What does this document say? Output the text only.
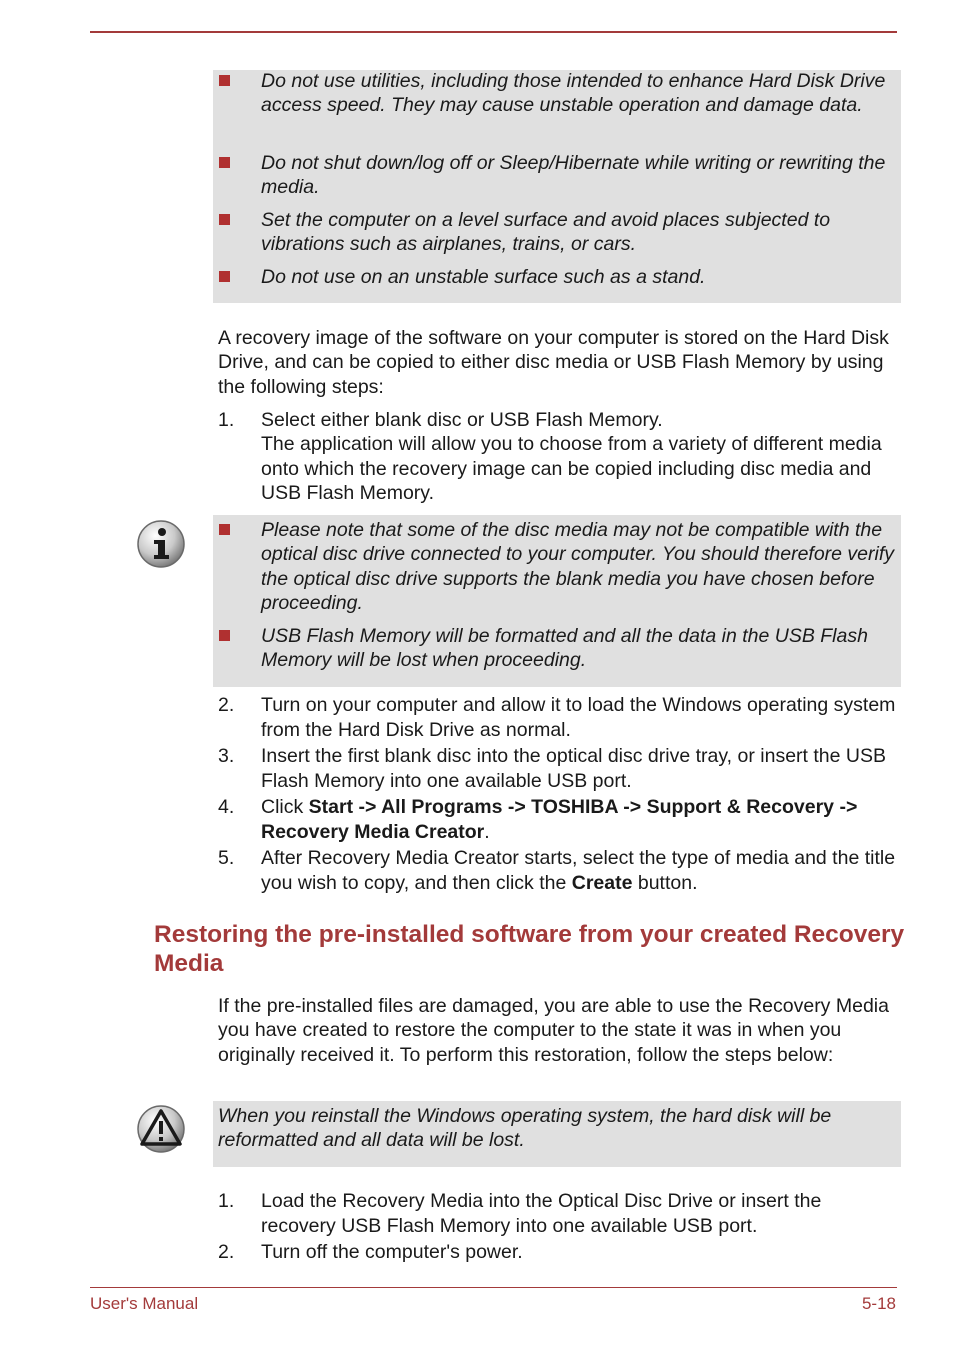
Do not use utilities, including those intended to enhance Hard Disk Drive access speed. They may cause unstable operation and damage data.
Do not shut down/log off or Sleep/Hibernate while writing or rewriting the media.
Set the computer on a level surface and avoid places subjected to vibrations such as airplanes, trains, or cars.
Do not use on an unstable surface such as a stand.
A recovery image of the software on your computer is stored on the Hard Disk Drive, and can be copied to either disc media or USB Flash Memory by using the following steps:
1. Select either blank disc or USB Flash Memory.
The application will allow you to choose from a variety of different media onto which the recovery image can be copied including disc media and USB Flash Memory.
Please note that some of the disc media may not be compatible with the optical disc drive connected to your computer. You should therefore verify the optical disc drive supports the blank media you have chosen before proceeding.
USB Flash Memory will be formatted and all the data in the USB Flash Memory will be lost when proceeding.
2. Turn on your computer and allow it to load the Windows operating system from the Hard Disk Drive as normal.
3. Insert the first blank disc into the optical disc drive tray, or insert the USB Flash Memory into one available USB port.
4. Click Start -> All Programs -> TOSHIBA -> Support & Recovery -> Recovery Media Creator.
5. After Recovery Media Creator starts, select the type of media and the title you wish to copy, and then click the Create button.
Restoring the pre-installed software from your created Recovery Media
If the pre-installed files are damaged, you are able to use the Recovery Media you have created to restore the computer to the state it was in when you originally received it. To perform this restoration, follow the steps below:
When you reinstall the Windows operating system, the hard disk will be reformatted and all data will be lost.
1. Load the Recovery Media into the Optical Disc Drive or insert the recovery USB Flash Memory into one available USB port.
2. Turn off the computer's power.
User's Manual	5-18
